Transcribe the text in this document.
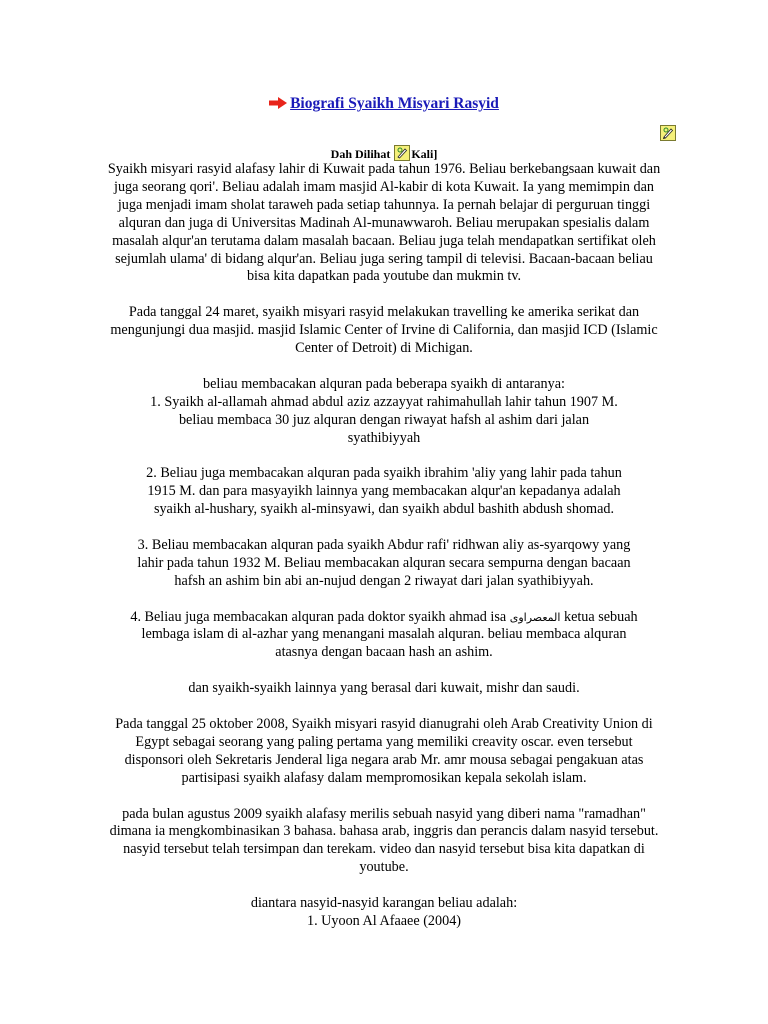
Biografi Syaikh Misyari Rasyid
Dah Dilihat Kali]

Syaikh misyari rasyid alafasy lahir di Kuwait pada tahun 1976. Beliau berkebangsaan kuwait dan

juga seorang qori'. Beliau adalah imam masjid Al-kabir di kota Kuwait. Ia yang memimpin dan

juga menjadi imam sholat taraweh pada setiap tahunnya. Ia pernah belajar di perguruan tinggi

alquran dan juga di Universitas Madinah Al-munawwaroh. Beliau merupakan spesialis dalam

masalah alqur'an terutama dalam masalah bacaan. Beliau juga telah mendapatkan sertifikat oleh

sejumlah ulama' di bidang alqur'an. Beliau juga sering tampil di televisi. Bacaan-bacaan beliau

bisa kita dapatkan pada youtube dan mukmin tv.

Pada tanggal 24 maret, syaikh misyari rasyid melakukan travelling ke amerika serikat dan

mengunjungi dua masjid. masjid Islamic Center of Irvine di California, dan masjid ICD (Islamic

Center of Detroit) di Michigan.

beliau membacakan alquran pada beberapa syaikh di antaranya:

1. Syaikh al-allamah ahmad abdul aziz azzayyat rahimahullah lahir tahun 1907 M.

beliau membaca 30 juz alquran dengan riwayat hafsh al ashim dari jalan

syathibiyyah

2. Beliau juga membacakan alquran pada syaikh ibrahim 'aliy yang lahir pada tahun

1915 M. dan para masyayikh lainnya yang membacakan alqur'an kepadanya adalah

syaikh al-hushary, syaikh al-minsyawi, dan syaikh abdul bashith abdush shomad.

3. Beliau membacakan alquran pada syaikh Abdur rafi' ridhwan aliy as-syarqowy yang

lahir pada tahun 1932 M. Beliau membacakan alquran secara sempurna dengan bacaan

hafsh an ashim bin abi an-nujud dengan 2 riwayat dari jalan syathibiyyah.

4. Beliau juga membacakan alquran pada doktor syaikh ahmad isa المعصراوى ketua sebuah

lembaga islam di al-azhar yang menangani masalah alquran. beliau membaca alquran

atasnya dengan bacaan hash an ashim.

dan syaikh-syaikh lainnya yang berasal dari kuwait, mishr dan saudi.

Pada tanggal 25 oktober 2008, Syaikh misyari rasyid dianugrahi oleh Arab Creativity Union di

Egypt sebagai seorang yang paling pertama yang memiliki creavity oscar. even tersebut

disponsori oleh Sekretaris Jenderal liga negara arab Mr. amr mousa sebagai pengakuan atas

partisipasi syaikh alafasy dalam mempromosikan kepala sekolah islam.

pada bulan agustus 2009 syaikh alafasy merilis sebuah nasyid yang diberi nama "ramadhan"

dimana ia mengkombinasikan 3 bahasa. bahasa arab, inggris dan perancis dalam nasyid tersebut.

nasyid tersebut telah tersimpan dan terekam. video dan nasyid tersebut bisa kita dapatkan di

youtube.

diantara nasyid-nasyid karangan beliau adalah:

1. Uyoon Al Afaaee (2004)
